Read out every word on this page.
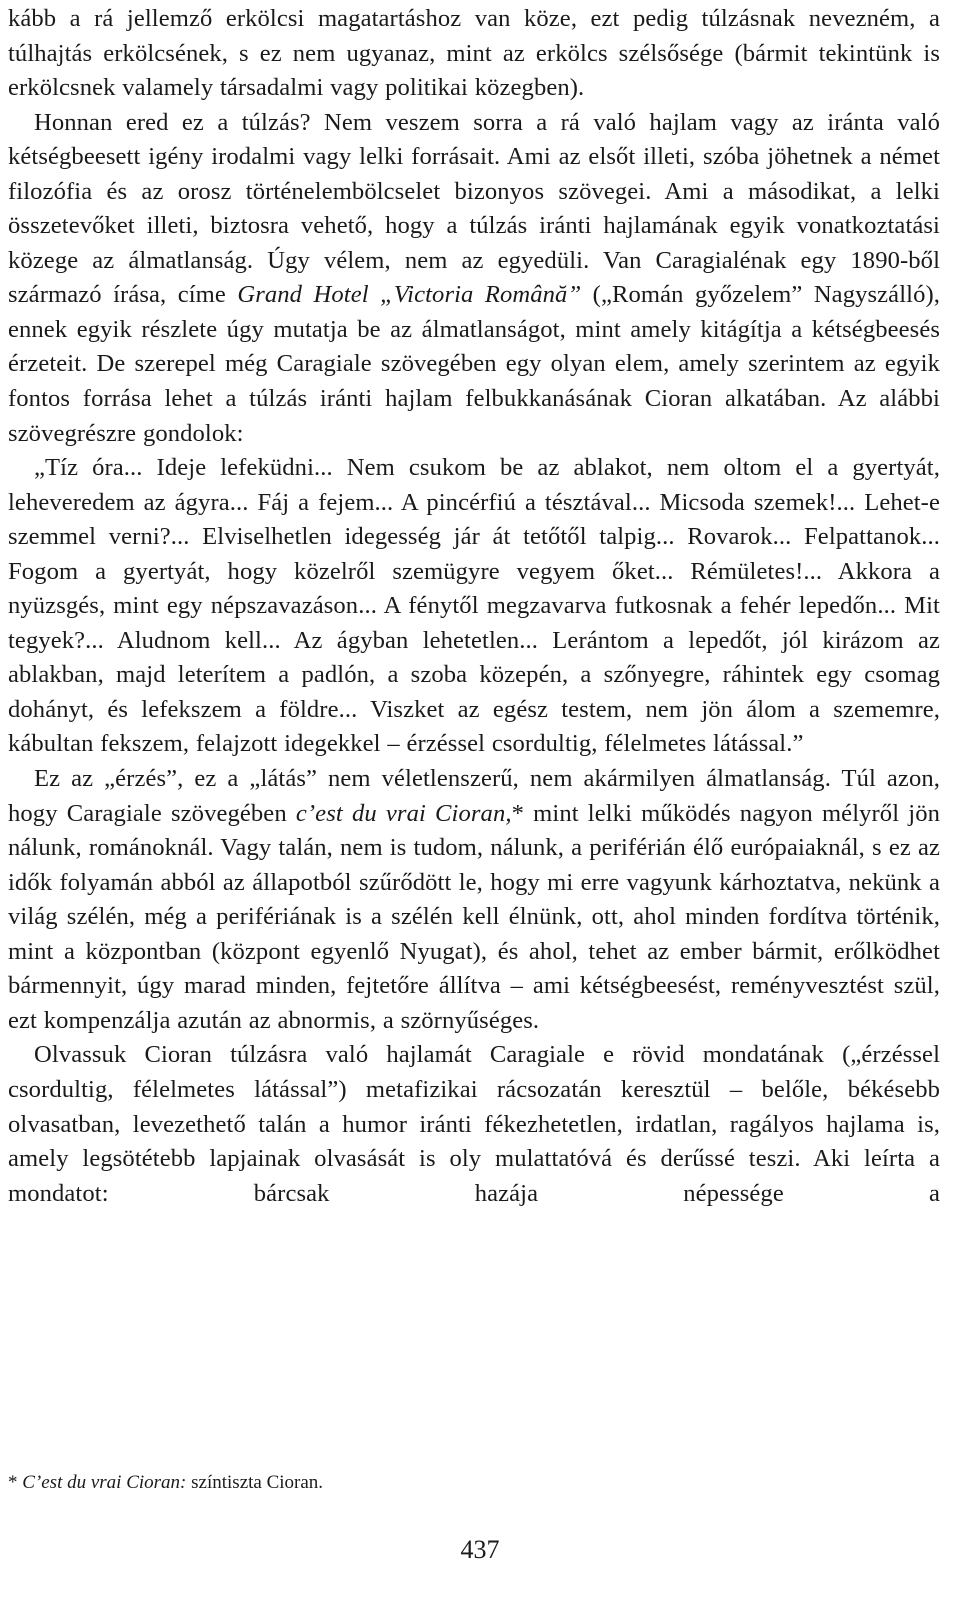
kább a rá jellemző erkölcsi magatartáshoz van köze, ezt pedig túlzásnak nevezném, a túlhajtás erkölcsének, s ez nem ugyanaz, mint az erkölcs szélsősége (bármit tekintünk is erkölcsnek valamely társadalmi vagy politikai közegben).

Honnan ered ez a túlzás? Nem veszem sorra a rá való hajlam vagy az iránta való kétségbeesett igény irodalmi vagy lelki forrásait. Ami az elsőt illeti, szóba jöhetnek a német filozófia és az orosz történelembölcselet bizonyos szövegei. Ami a másodikat, a lelki összetevőket illeti, biztosra vehető, hogy a túlzás iránti hajlamának egyik vonatkoztatási közege az álmatlanság. Úgy vélem, nem az egyedüli. Van Caragialénak egy 1890-ből származó írása, címe Grand Hotel „Victoria Română” („Román győzelem” Nagyszálló), ennek egyik részlete úgy mutatja be az álmatlanságot, mint amely kitágítja a kétségbeesés érzeteit. De szerepel még Caragiale szövegében egy olyan elem, amely szerintem az egyik fontos forrása lehet a túlzás iránti hajlam felbukkanásának Cioran alkatában. Az alábbi szövegrészre gondolok:

„Tíz óra... Ideje lefeküdni... Nem csukom be az ablakot, nem oltom el a gyertyát, leheveredem az ágyra... Fáj a fejem... A pincérfiú a tésztával... Micsoda szemek!... Lehet-e szemmel verni?... Elviselhetlen idegesség jár át tetőtől talpig... Rovarok... Felpattanok... Fogom a gyertyát, hogy közelről szemügyre vegyem őket... Rémületes!... Akkora a nyüzsgés, mint egy népszavazáson... A fénytől megzavarva futkosnak a fehér lepedőn... Mit tegyek?... Aludnom kell... Az ágyban lehetetlen... Lerántom a lepedőt, jól kirázom az ablakban, majd leterítem a padlón, a szoba közepén, a szőnyegre, ráhintek egy csomag dohányt, és lefekszem a földre... Viszket az egész testem, nem jön álom a szememre, kábultan fekszem, felajzott idegekkel – érzéssel csordultig, félelmetes látással.”

Ez az „érzés”, ez a „látás” nem véletlenszerű, nem akármilyen álmatlanság. Túl azon, hogy Caragiale szövegében c’est du vrai Cioran,* mint lelki működés nagyon mélyről jön nálunk, románoknál. Vagy talán, nem is tudom, nálunk, a periférián élő európaiaknál, s ez az idők folyamán abból az állapotból szűrődött le, hogy mi erre vagyunk kárhoztatva, nekünk a világ szélén, még a perifériának is a szélén kell élnünk, ott, ahol minden fordítva történik, mint a központban (központ egyenlő Nyugat), és ahol, tehet az ember bármit, erőlködhet bármennyit, úgy marad minden, fejtetőre állítva – ami kétségbeesést, reményvesztést szül, ezt kompenzálja azután az abnormis, a szörnyűséges.

Olvassuk Cioran túlzásra való hajlamát Caragiale e rövid mondatának („érzéssel csordultig, félelmetes látással”) metafizikai rácsozatán keresztül – belőle, békésebb olvasatban, levezethető talán a humor iránti fékezhetetlen, irdatlan, ragályos hajlama is, amely legsötétebb lapjainak olvasását is oly mulattatóvá és derűssé teszi. Aki leírta a mondatot: bárcsak hazája népessége a

* C’est du vrai Cioran: színtiszta Cioran.
437
